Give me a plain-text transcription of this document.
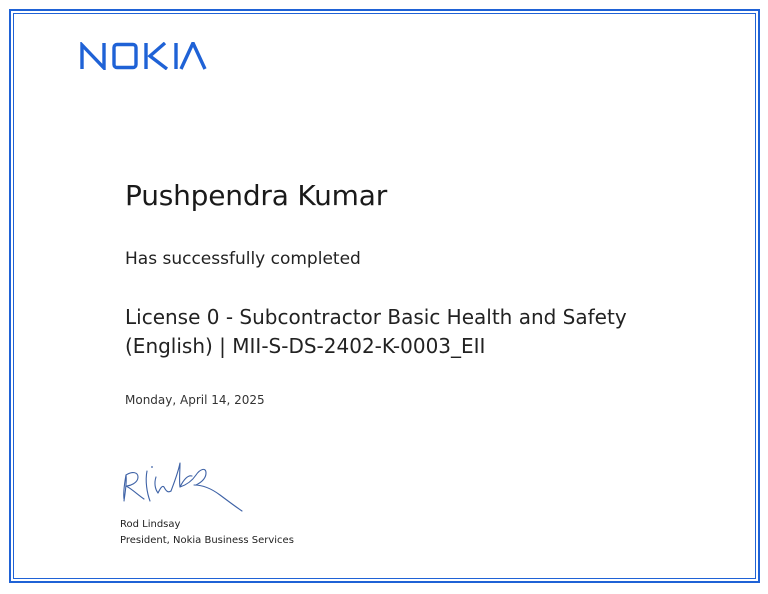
Pushpendra Kumar
Has successfully completed
License 0 - Subcontractor Basic Health and Safety
(English) | MII-S-DS-2402-K-0003_EII
Monday, April 14, 2025
Rod Lindsay
President, Nokia Business Services
